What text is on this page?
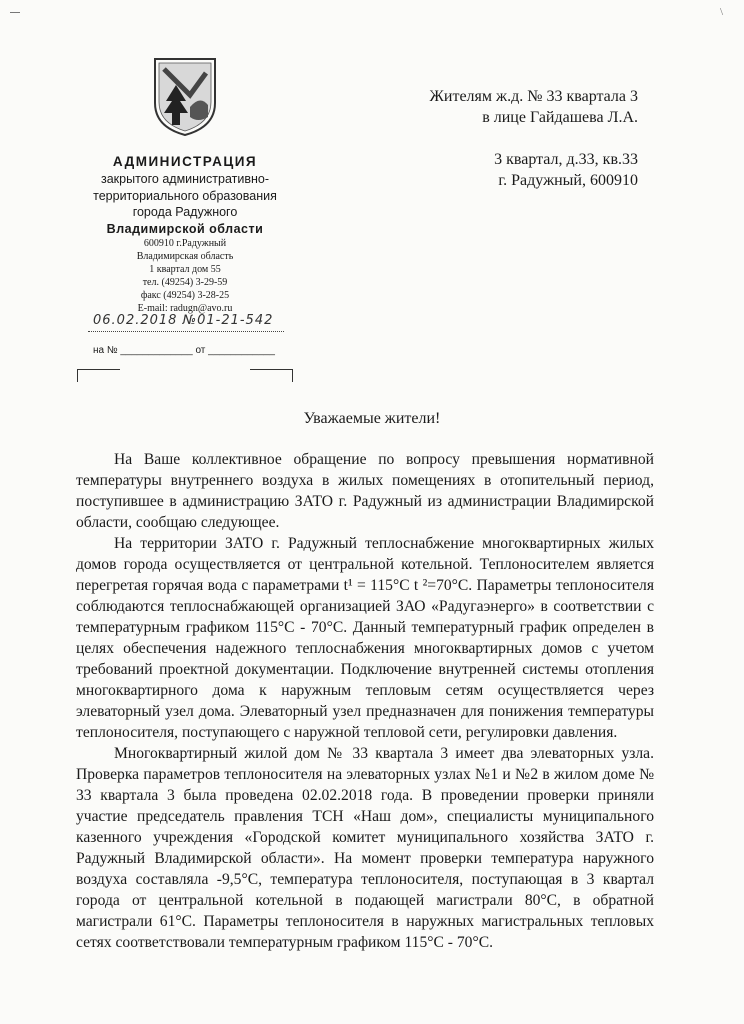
\
АДМИНИСТРАЦИЯ
закрытого административно-
территориального образования
города Радужного
Владимирской области
600910 г.Радужный
Владимирская область
1 квартал дом 55
тел. (49254) 3-29-59
факс (49254) 3-28-25
E-mail: radugn@avo.ru
06.02.2018 №01-21-542
на № _____________ от ____________
Жителям ж.д. № 33 квартала 3
в лице Гайдашева Л.А.
3 квартал, д.33, кв.33
г. Радужный, 600910
Уважаемые жители!

На Ваше коллективное обращение по вопросу превышения нормативной температуры внутреннего воздуха в жилых помещениях в отопительный период, поступившее в администрацию ЗАТО г. Радужный из администрации Владимирской области, сообщаю следующее.

На территории ЗАТО г. Радужный теплоснабжение многоквартирных жилых домов города осуществляется от центральной котельной. Теплоносителем является перегретая горячая вода с параметрами t¹ = 115°С t ²=70°С. Параметры теплоносителя соблюдаются теплоснабжающей организацией ЗАО «Радугаэнерго» в соответствии с температурным графиком 115°С - 70°С. Данный температурный график определен в целях обеспечения надежного теплоснабжения многоквартирных домов с учетом требований проектной документации. Подключение внутренней системы отопления многоквартирного дома к наружным тепловым сетям осуществляется через элеваторный узел дома. Элеваторный узел предназначен для понижения температуры теплоносителя, поступающего с наружной тепловой сети, регулировки давления.

Многоквартирный жилой дом № 33 квартала 3 имеет два элеваторных узла. Проверка параметров теплоносителя на элеваторных узлах №1 и №2 в жилом доме № 33 квартала 3 была проведена 02.02.2018 года. В проведении проверки приняли участие председатель правления ТСН «Наш дом», специалисты муниципального казенного учреждения «Городской комитет муниципального хозяйства ЗАТО г. Радужный Владимирской области». На момент проверки температура наружного воздуха составляла -9,5°С, температура теплоносителя, поступающая в 3 квартал города от центральной котельной в подающей магистрали 80°С, в обратной магистрали 61°С. Параметры теплоносителя в наружных магистральных тепловых сетях соответствовали температурным графиком 115°С - 70°С.
